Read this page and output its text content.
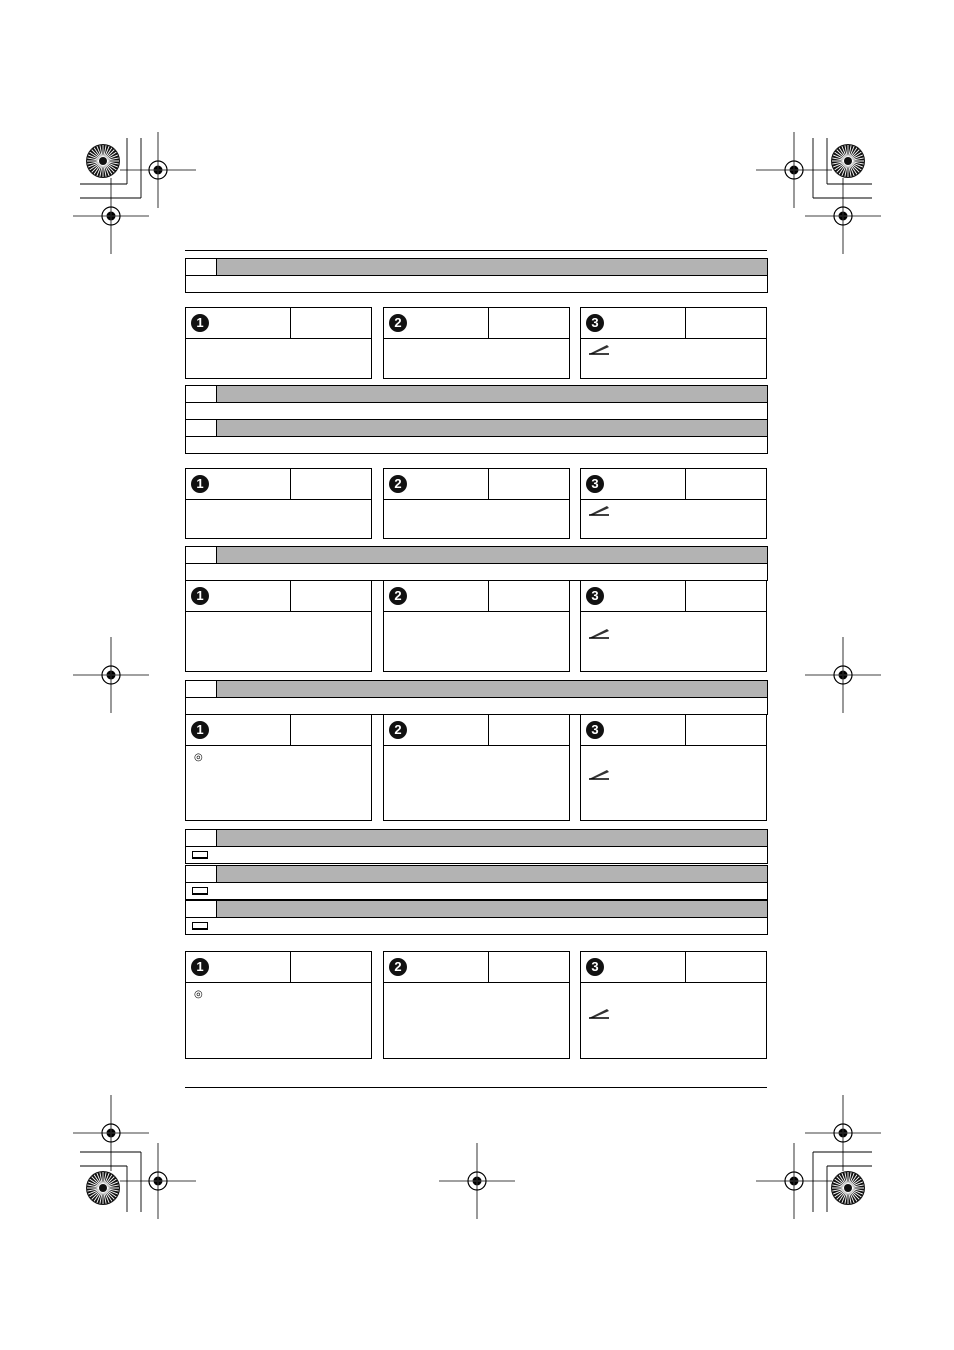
1	2	3
1	2	3
1	2	3
1
◎
2	3
1
◎
2	3
